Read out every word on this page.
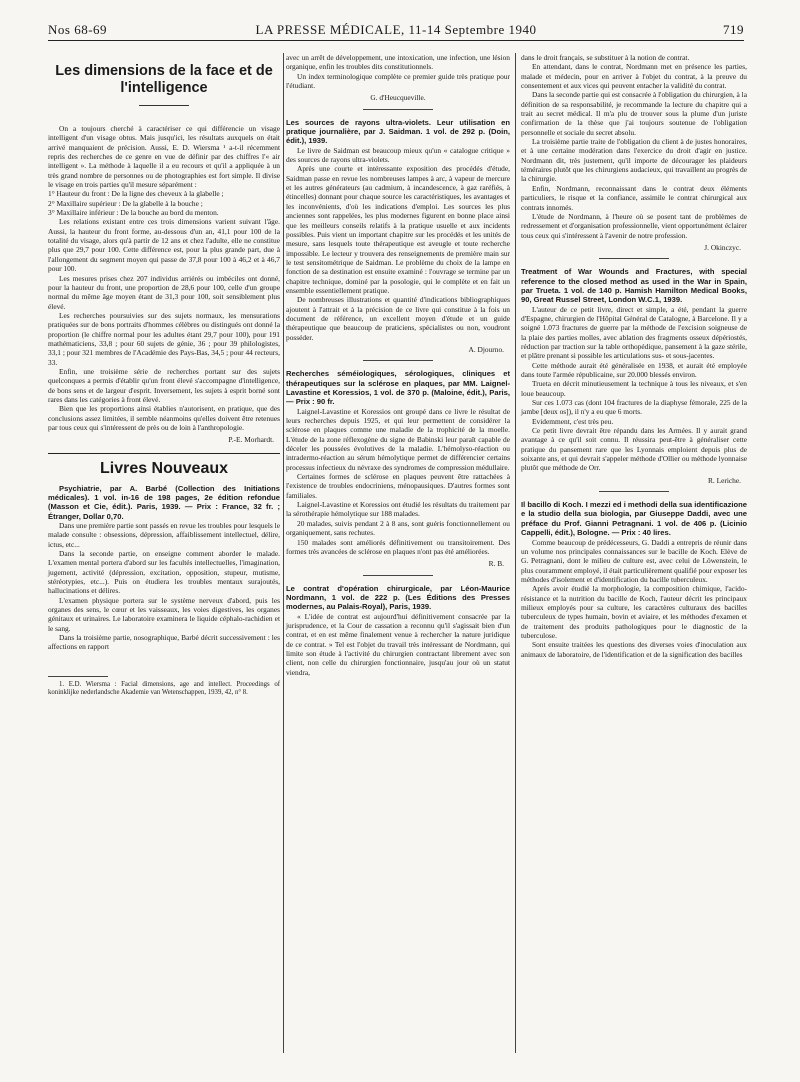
Nos 68-69	LA PRESSE MÉDICALE, 11-14 Septembre 1940	719
Les dimensions de la face et de l'intelligence

On a toujours cherché à caractériser ce qui différencie un visage intelligent d'un visage obtus. Mais jusqu'ici, les résultats auxquels on était arrivé manquaient de précision. Aussi, E. D. Wiersma ¹ a-t-il récemment repris des recherches de ce genre en vue de définir par des chiffres l'« air intelligent ». La méthode à laquelle il a eu recours et qu'il a appliquée à un très grand nombre de personnes ou de photographies est fort simple. Il divise le visage en trois parties qu'il mesure séparément :

1° Hauteur du front : De la ligne des cheveux à la glabelle ;

2° Maxillaire supérieur : De la glabelle à la bouche ;

3° Maxillaire inférieur : De la bouche au bord du menton.

Les relations existant entre ces trois dimensions varient suivant l'âge. Aussi, la hauteur du front forme, au-dessous d'un an, 41,1 pour 100 de la totalité du visage, alors qu'à partir de 12 ans et chez l'adulte, elle ne constitue plus que 29,7 pour 100. Cette différence est, pour la plus grande part, due à l'allongement du segment moyen qui passe de 37,8 pour 100 à 46,2 et à 46,7 pour 100.

Les mesures prises chez 207 individus arriérés ou imbéciles ont donné, pour la hauteur du front, une proportion de 28,6 pour 100, celle d'un groupe normal du même âge moyen étant de 31,3 pour 100, soit sensiblement plus élevé.

Les recherches poursuivies sur des sujets normaux, les mensurations pratiquées sur de bons portraits d'hommes célèbres ou distingués ont donné la proportion (le chiffre normal pour les adultes étant 29,7 pour 100), pour 191 mathématiciens, 33,8 ; pour 60 sujets de génie, 36 ; pour 39 philologistes, 33,1 ; pour 321 membres de l'Académie des Pays-Bas, 34,5 ; pour 44 recteurs, 33.

Enfin, une troisième série de recherches portant sur des sujets quelconques a permis d'établir qu'un front élevé s'accompagne d'intelligence, de bons sens et de largeur d'esprit. Inversement, les sujets à esprit borné sont rares dans les catégories à front élevé.

Bien que les proportions ainsi établies n'autorisent, en pratique, que des conclusions assez limitées, il semble néanmoins qu'elles doivent être retenues par tous ceux qui s'intéressent de près ou de loin à l'anthropologie.

P.-E. Morhardt.

Livres Nouveaux

Psychiatrie, par A. Barbé (Collection des Initiations médicales). 1 vol. in-16 de 198 pages, 2e édition refondue (Masson et Cie, édit.). Paris, 1939. — Prix : France, 32 fr. ; Étranger, Dollar 0,70.

Dans une première partie sont passés en revue les troubles pour lesquels le malade consulte : obsessions, dépression, affaiblissement intellectuel, délire, ictus, etc...

Dans la seconde partie, on enseigne comment aborder le malade. L'examen mental portera d'abord sur les facultés intellectuelles, l'imagination, jugement, activité (dépression, excitation, opposition, stupeur, mutisme, stéréotypies, etc...). Puis on étudiera les troubles mentaux surajoutés, hallucinations et délires.

L'examen physique portera sur le système nerveux d'abord, puis les organes des sens, le cœur et les vaisseaux, les voies digestives, les organes génitaux et urinaires. Le laboratoire examinera le liquide céphalo-rachidien et le sang.

Dans la troisième partie, nosographique, Barbé décrit successivement : les affections en rapport

1. E.D. Wiersma : Facial dimensions, age and intellect. Proceedings of koninklijke nederlandsche Akademie van Wetenschappen, 1939, 42, n° 8.

avec un arrêt de développement, une intoxication, une infection, une lésion organique, enfin les troubles dits constitutionnels.

Un index terminologique complète ce premier guide très pratique pour l'étudiant.

G. d'Heucqueville.

Les sources de rayons ultra-violets. Leur utilisation en pratique journalière, par J. Saidman. 1 vol. de 292 p. (Doin, édit.), 1939.

Le livre de Saidman est beaucoup mieux qu'un « catalogue critique » des sources de rayons ultra-violets.

Après une courte et intéressante exposition des procédés d'étude, Saidman passe en revue les nombreuses lampes à arc, à vapeur de mercure et les autres générateurs (au cadmium, à incandescence, à gaz raréfiés, à étincelles) donnant pour chaque source les caractéristiques, les avantages et les inconvénients, d'où les indications d'emploi. Les sources les plus anciennes sont rappelées, les plus modernes figurent en bonne place ainsi que les meilleurs conseils relatifs à la pratique usuelle et aux incidents possibles. Puis vient un important chapitre sur les procédés et les unités de mesure, sans lesquels toute thérapeutique est aveugle et toute recherche impossible. Le lecteur y trouvera des renseignements de première main sur le test sensitométrique de Saidman. Le problème du choix de la lampe en fonction de sa destination est ensuite examiné : l'ouvrage se termine par un chapitre technique, dominé par la posologie, qui le complète et en fait un ensemble essentiellement pratique.

De nombreuses illustrations et quantité d'indications bibliographiques ajoutent à l'attrait et à la précision de ce livre qui constitue à la fois un document de référence, un excellent moyen d'étude et un guide thérapeutique que beaucoup de praticiens, spécialistes ou non, voudront posséder.

A. Djourno.

Recherches séméiologiques, sérologiques, cliniques et thérapeutiques sur la sclérose en plaques, par MM. Laignel-Lavastine et Koressios, 1 vol. de 370 p. (Maloine, édit.), Paris, — Prix : 90 fr.

Laignel-Lavastine et Koressios ont groupé dans ce livre le résultat de leurs recherches depuis 1925, et qui leur permettent de considérer la sclérose en plaques comme une maladie de la trophicité de la moelle. L'étude de la zone réflexogène du signe de Babinski leur paraît capable de déceler les poussées évolutives de la maladie. L'hémolyso-réaction ou intradermo-réaction au sérum hémolytique permet de différencier certains processus infectieux du névraxe des syndromes de compression médullaire.

Certaines formes de sclérose en plaques peuvent être rattachées à l'existence de troubles endocriniens, ménopausiques. D'autres formes sont familiales.

Laignel-Lavastine et Koressios ont étudié les résultats du traitement par la sérothérapie hémolytique sur 188 malades.

20 malades, suivis pendant 2 à 8 ans, sont guéris fonctionnellement ou organiquement, sans rechutes.

150 malades sont améliorés définitivement ou transitoirement. Des formes très avancées de sclérose en plaques n'ont pas été améliorées.

R. B.

Le contrat d'opération chirurgicale, par Léon-Maurice Nordmann, 1 vol. de 222 p. (Les Éditions des Presses modernes, au Palais-Royal), Paris, 1939.

« L'idée de contrat est aujourd'hui définitivement consacrée par la jurisprudence, et la Cour de cassation a reconnu qu'il s'agissait bien d'un contrat, et en est même finalement venue à rechercher la nature juridique de ce contrat. » Tel est l'objet du travail très intéressant de Nordmann, qui limite son étude à l'activité du chirurgien contractant librement avec son client, non celle du chirurgien fonctionnaire, jusqu'au jour où un statut viendra,

dans le droit français, se substituer à la notion de contrat.

En attendant, dans le contrat, Nordmann met en présence les parties, malade et médecin, pour en arriver à l'objet du contrat, à la preuve du consentement et aux vices qui peuvent entacher la validité du contrat.

Dans la seconde partie qui est consacrée à l'obligation du chirurgien, à la définition de sa responsabilité, je recommande la lecture du chapitre qui a trait au secret médical. Il m'a plu de trouver sous la plume d'un juriste confirmation de la thèse que j'ai toujours soutenue de l'obligation personnelle et sociale du secret absolu.

La troisième partie traite de l'obligation du client à de justes honoraires, et à une certaine modération dans l'exercice du droit d'agir en justice. Nordmann dit, très justement, qu'il importe de décourager les plaideurs téméraires plutôt que les chirurgiens audacieux, qui travaillent au progrès de la chirurgie.

Enfin, Nordmann, reconnaissant dans le contrat deux éléments particuliers, le risque et la confiance, assimile le contrat chirurgical aux contrats innomés.

L'étude de Nordmann, à l'heure où se posent tant de problèmes de redressement et d'organisation professionnelle, vient opportunément éclairer tous ceux qui s'intéressent à l'avenir de notre profession.

J. Okinczyc.

Treatment of War Wounds and Fractures, with special reference to the closed method as used in the War in Spain, par Trueta. 1 vol. de 140 p. Hamish Hamilton Medical Books, 90, Great Russel Street, London W.C.1, 1939.

L'auteur de ce petit livre, direct et simple, a été, pendant la guerre d'Espagne, chirurgien de l'Hôpital Général de Catalogne, à Barcelone. Il y a soigné 1.073 fractures de guerre par la méthode de l'excision soigneuse de la plaie des parties molles, avec ablation des fragments osseux dépériostés, réduction par traction sur la table orthopédique, pansement à la gaze stérile, et plâtre prenant si possible les articulations sus- et sous-jacentes.

Cette méthode aurait été généralisée en 1938, et aurait été employée dans toute l'armée républicaine, sur 20.000 blessés environ.

Trueta en décrit minutieusement la technique à tous les niveaux, et s'en loue beaucoup.

Sur ces 1.073 cas (dont 104 fractures de la diaphyse fémorale, 225 de la jambe [deux os]), il n'y a eu que 6 morts.

Evidemment, c'est très peu.

Ce petit livre devrait être répandu dans les Armées. Il y aurait grand avantage à ce qu'il soit connu. Il réussira peut-être à généraliser cette pratique du pansement rare que les Lyonnais emploient depuis plus de soixante ans, et qui devrait s'appeler méthode d'Ollier ou méthode lyonnaise plutôt que méthode de Orr.

R. Leriche.

Il bacillo di Koch. I mezzi ed i methodi della sua identificazione e la studio della sua biologia, par Giuseppe Daddi, avec une préface du Prof. Gianni Petragnani. 1 vol. de 406 p. (Licinio Cappelli, édit.), Bologne. — Prix : 40 lires.

Comme beaucoup de prédécesseurs, G. Daddi a entrepris de réunir dans un volume nos principales connaissances sur le bacille de Koch. Elève de G. Petragnani, dont le milieu de culture est, avec celui de Löwenstein, le plus couramment employé, il était particulièrement qualifié pour exposer les méthodes d'isolement et d'identification du bacille tuberculeux.

Après avoir étudié la morphologie, la composition chimique, l'acido-résistance et la nutrition du bacille de Koch, l'auteur décrit les principaux milieux employés pour sa culture, les caractères culturaux des bacilles tuberculeux de types humain, bovin et aviaire, et les méthodes d'examen et de traitement des produits pathologiques pour le diagnostic de la tuberculose.

Sont ensuite traitées les questions des diverses voies d'inoculation aux animaux de laboratoire, de l'identification et de la signification des bacilles
